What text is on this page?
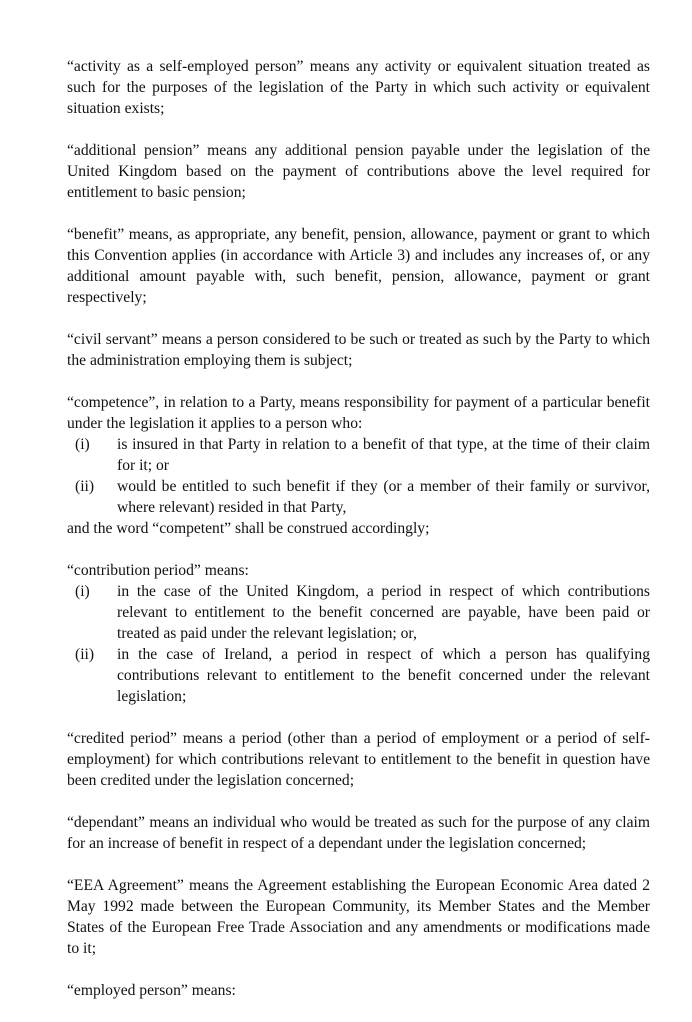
“activity as a self-employed person” means any activity or equivalent situation treated as such for the purposes of the legislation of the Party in which such activity or equivalent situation exists;

“additional pension” means any additional pension payable under the legislation of the United Kingdom based on the payment of contributions above the level required for entitlement to basic pension;

“benefit” means, as appropriate, any benefit, pension, allowance, payment or grant to which this Convention applies (in accordance with Article 3) and includes any increases of, or any additional amount payable with, such benefit, pension, allowance, payment or grant respectively;

“civil servant” means a person considered to be such or treated as such by the Party to which the administration employing them is subject;

“competence”, in relation to a Party, means responsibility for payment of a particular benefit under the legislation it applies to a person who:

(i) is insured in that Party in relation to a benefit of that type, at the time of their claim for it; or
(ii) would be entitled to such benefit if they (or a member of their family or survivor, where relevant) resided in that Party,

and the word “competent” shall be construed accordingly;

“contribution period” means:

(i) in the case of the United Kingdom, a period in respect of which contributions relevant to entitlement to the benefit concerned are payable, have been paid or treated as paid under the relevant legislation; or,
(ii) in the case of Ireland, a period in respect of which a person has qualifying contributions relevant to entitlement to the benefit concerned under the relevant legislation;

“credited period” means a period (other than a period of employment or a period of self-employment) for which contributions relevant to entitlement to the benefit in question have been credited under the legislation concerned;

“dependant” means an individual who would be treated as such for the purpose of any claim for an increase of benefit in respect of a dependant under the legislation concerned;

“EEA Agreement” means the Agreement establishing the European Economic Area dated 2 May 1992 made between the European Community, its Member States and the Member States of the European Free Trade Association and any amendments or modifications made to it;

“employed person” means:
